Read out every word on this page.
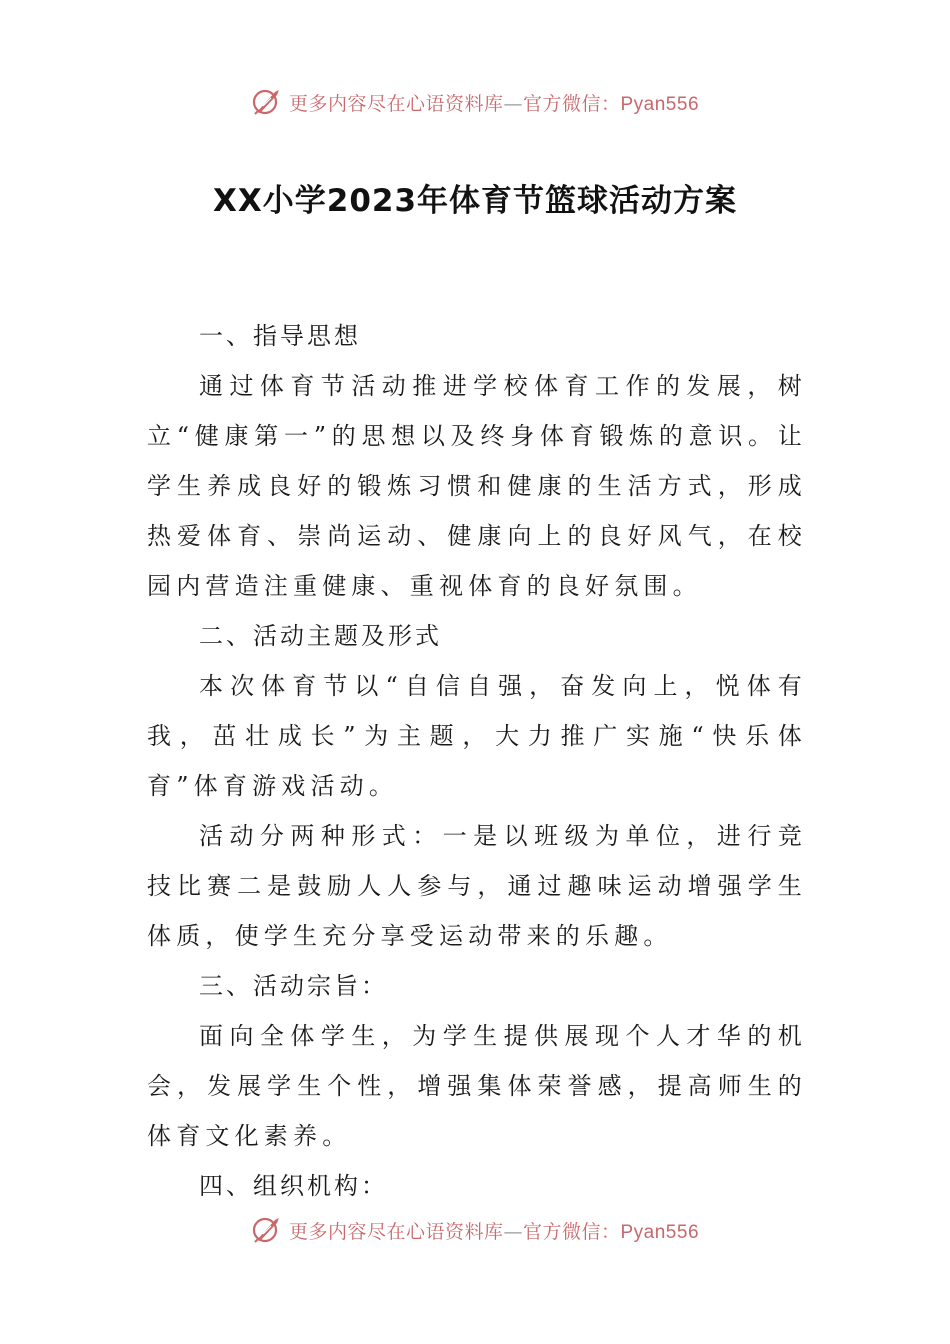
更多内容尽在心语资料库—官方微信：Pyan556
XX小学2023年体育节篮球活动方案

一、指导思想

通过体育节活动推进学校体育工作的发展，树立“健康第一”的思想以及终身体育锻炼的意识。让学生养成良好的锻炼习惯和健康的生活方式，形成热爱体育、崇尚运动、健康向上的良好风气，在校园内营造注重健康、重视体育的良好氛围。

二、活动主题及形式

本次体育节以“自信自强，奋发向上，悦体有我，茁壮成长”为主题，大力推广实施“快乐体育”体育游戏活动。

活动分两种形式：一是以班级为单位，进行竞技比赛二是鼓励人人参与，通过趣味运动增强学生体质，使学生充分享受运动带来的乐趣。

三、活动宗旨：

面向全体学生，为学生提供展现个人才华的机会，发展学生个性，增强集体荣誉感，提高师生的体育文化素养。

四、组织机构：

更多内容尽在心语资料库—官方微信：Pyan556
